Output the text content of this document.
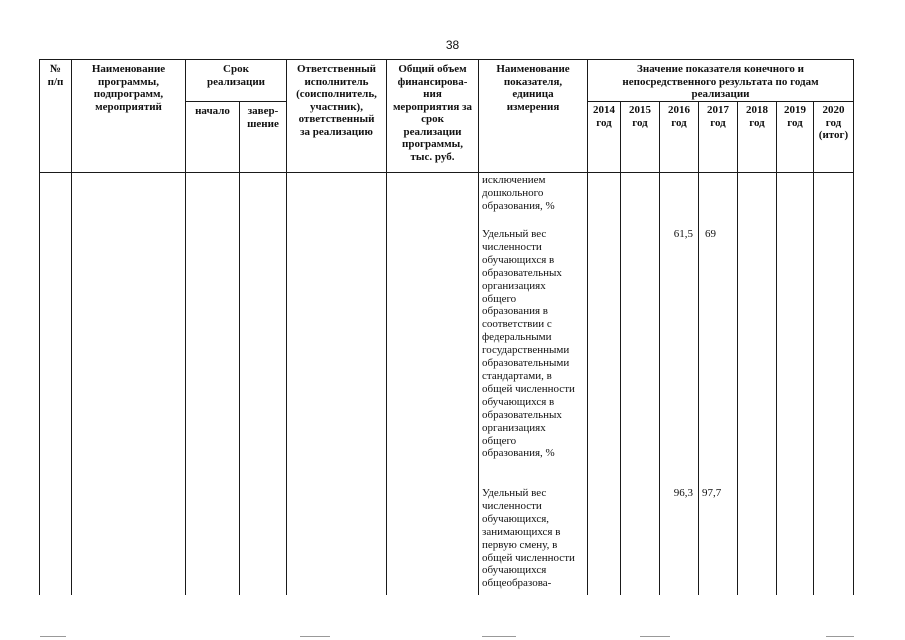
38
№
п/п
Наименование
программы,
подпрограмм,
мероприятий
Срок
реализации
начало	завер-
шение
Ответственный
исполнитель
(соисполнитель,
участник),
ответственный
за реализацию
Общий объем
финансирова-
ния
мероприятия за
срок
реализации
программы,
тыс. руб.
Наименование
показателя,
единица
измерения
Значение показателя конечного и
непосредственного результата по годам
реализации
2014
год
2015
год
2016
год
2017
год
2018
год
2019
год
2020
год
(итог)
исключением
дошкольного
образования, %
Удельный вес
численности
обучающихся в
образовательных
организациях
общего
образования в
соответствии с
федеральными
государственными
образовательными
стандартами, в
общей численности
обучающихся в
образовательных
организациях
общего
образования, %
Удельный вес
численности
обучающихся,
занимающихся в
первую смену, в
общей численности
обучающихся
общеобразова-
61,5 69
96,3 97,7
